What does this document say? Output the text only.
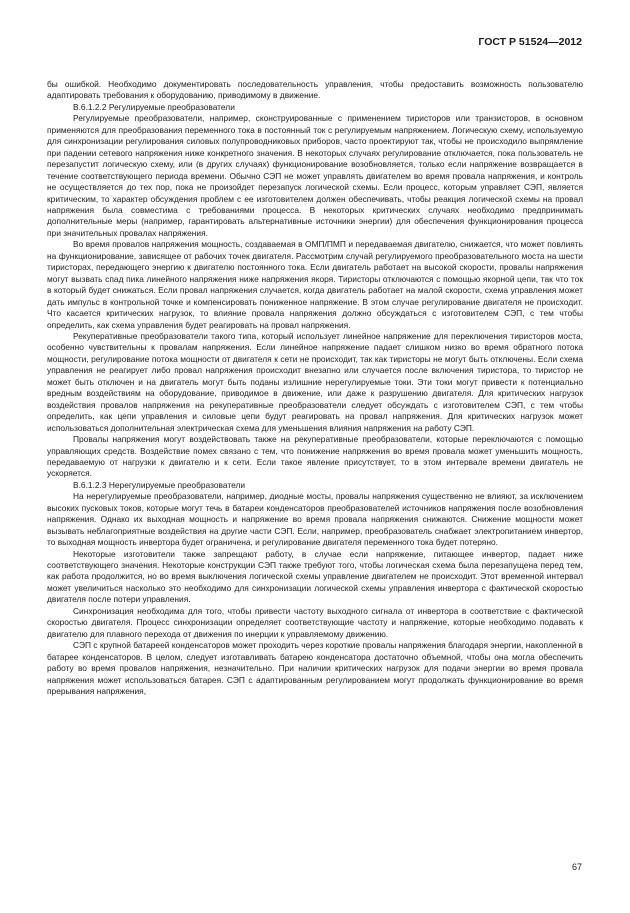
ГОСТ Р 51524—2012

бы ошибкой. Необходимо документировать последовательность управления, чтобы предоставить возможность пользователю адаптировать требования к оборудованию, приводимому в движение.

В.6.1.2.2 Регулируемые преобразователи

Регулируемые преобразователи, например, сконструированные с применением тиристоров или транзисторов, в основном применяются для преобразования переменного тока в постоянный ток с регулируемым напряжением. Логическую схему, используемую для синхронизации регулирования силовых полупроводниковых приборов, часто проектируют так, чтобы не происходило выпрямление при падении сетевого напряжения ниже конкретного значения. В некоторых случаях регулирование отключается, пока пользователь не перезапустит логическую схему, или (в других случаях) функционирование возобновляется, только если напряжение возвращается в течение соответствующего периода времени. Обычно СЭП не может управлять двигателем во время провала напряжения, и контроль не осуществляется до тех пор, пока не произойдет перезапуск логической схемы. Если процесс, которым управляет СЭП, является критическим, то характер обсуждения проблем с ее изготовителем должен обеспечивать, чтобы реакция логической схемы на провал напряжения была совместима с требованиями процесса. В некоторых критических случаях необходимо предпринимать дополнительные меры (например, гарантировать альтернативные источники энергии) для обеспечения функционирования процесса при значительных провалах напряжения.

Во время провалов напряжения мощность, создаваемая в ОМП/ПМП и передаваемая двигателю, снижается, что может повлиять на функционирование, зависящее от рабочих точек двигателя. Рассмотрим случай регулируемого преобразовательного моста на шести тиристорах, передающего энергию к двигателю постоянного тока. Если двигатель работает на высокой скорости, провалы напряжения могут вызвать спад пика линейного напряжения ниже напряжения якоря. Тиристоры отключаются с помощью якорной цепи, так что ток в который будет снижаться. Если провал напряжения случается, когда двигатель работает на малой скорости, схема управления может дать импульс в контрольной точке и компенсировать пониженное напряжение. В этом случае регулирование двигателя не происходит. Что касается критических нагрузок, то влияние провала напряжения должно обсуждаться с изготовителем СЭП, с тем чтобы определить, как схема управления будет реагировать на провал напряжения.

Рекуперативные преобразователи такого типа, который использует линейное напряжение для переключения тиристоров моста, особенно чувствительны к провалам напряжения. Если линейное напряжение падает слишком низко во время обратного потока мощности, регулирование потока мощности от двигателя к сети не происходит, так как тиристоры не могут быть отключены. Если схема управления не реагирует либо провал напряжения происходит внезапно или случается после включения тиристора, то тиристор не может быть отключен и на двигатель могут быть поданы излишние нерегулируемые токи. Эти токи могут привести к потенциально вредным воздействиям на оборудование, приводимое в движение, или даже к разрушению двигателя. Для критических нагрузок воздействия провалов напряжения на рекуперативные преобразователи следует обсуждать с изготовителем СЭП, с тем чтобы определить, как цепи управления и силовые цепи будут реагировать на провал напряжения. Для критических нагрузок может использоваться дополнительная электрическая схема для уменьшения влияния напряжения на работу СЭП.

Провалы напряжения могут воздействовать также на рекуперативные преобразователи, которые переключаются с помощью управляющих средств. Воздействие помех связано с тем, что понижение напряжения во время провала может уменьшить мощность, передаваемую от нагрузки к двигателю и к сети. Если такое явление присутствует, то в этом интервале времени двигатель не ускоряется.

В.6.1.2.3 Нерегулируемые преобразователи

На нерегулируемые преобразователи, например, диодные мосты, провалы напряжения существенно не влияют, за исключением высоких пусковых токов, которые могут течь в батареи конденсаторов преобразователей источников напряжения после возобновления напряжения. Однако их выходная мощность и напряжение во время провала напряжения снижаются. Снижение мощности может вызывать неблагоприятные воздействия на другие части СЭП. Если, например, преобразователь снабжает электропитанием инвертор, то выходная мощность инвертора будет ограничена, и регулирование двигателя переменного тока будет потеряно.

Некоторые изготовители также запрещают работу, в случае если напряжение, питающее инвертор, падает ниже соответствующего значения. Некоторые конструкции СЭП также требуют того, чтобы логическая схема была перезапущена перед тем, как работа продолжится, но во время выключения логической схемы управление двигателем не происходит. Этот временной интервал может увеличиться насколько это необходимо для синхронизации логической схемы управления инвертора с фактической скоростью двигателя после потери управления.

Синхронизация необходима для того, чтобы привести частоту выходного сигнала от инвертора в соответствие с фактической скоростью двигателя. Процесс синхронизации определяет соответствующие частоту и напряжение, которые необходимо подавать к двигателю для плавного перехода от движения по инерции к управляемому движению.

СЭП с крупной батареей конденсаторов может проходить через короткие провалы напряжения благодаря энергии, накопленной в батарее конденсаторов. В целом, следует изготавливать батарею конденсатора достаточно объемной, чтобы она могла обеспечить работу во время провалов напряжения, незначительно. При наличии критических нагрузок для подачи энергии во время провала напряжения может использоваться батарея. СЭП с адаптированным регулированием могут продолжать функционирование во время прерывания напряжения,

67
